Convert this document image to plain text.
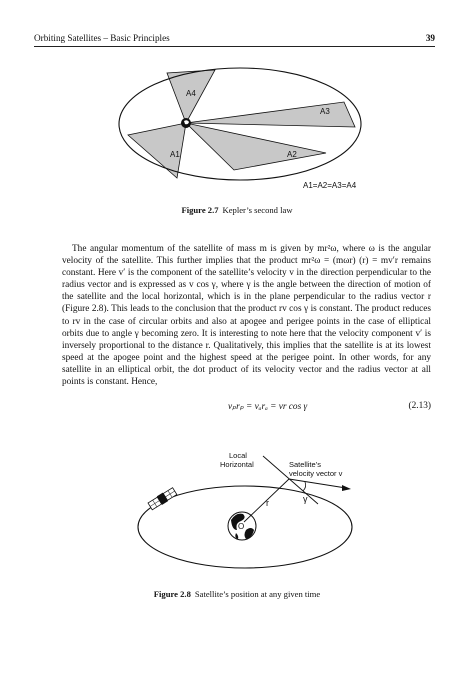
Orbiting Satellites – Basic Principles	39
A4
A3
A1	A2
A1=A2=A3=A4
Figure 2.7 Kepler’s second law

The angular momentum of the satellite of mass m is given by mr²ω, where ω is the angular velocity of the satellite. This further implies that the product mr²ω = (mωr) (r) = mv′r remains constant. Here v′ is the component of the satellite’s velocity v in the direction perpendicular to the radius vector and is expressed as v cos γ, where γ is the angle between the direction of motion of the satellite and the local horizontal, which is in the plane perpendicular to the radius vector r (Figure 2.8). This leads to the conclusion that the product rv cos γ is constant. The product reduces to rv in the case of circular orbits and also at apogee and perigee points in the case of elliptical orbits due to angle γ becoming zero. It is interesting to note here that the velocity component v′ is inversely proportional to the distance r. Qualitatively, this implies that the satellite is at its lowest speed at the apogee point and the highest speed at the perigee point. In other words, for any satellite in an elliptical orbit, the dot product of its velocity vector and the radius vector at all points is constant. Hence,

vₚrₚ = vₐrₐ = vr cos γ	(2.13)
O
r	γ
Local
Horizontal	Satellite’s
velocity vector v
Figure 2.8 Satellite’s position at any given time
